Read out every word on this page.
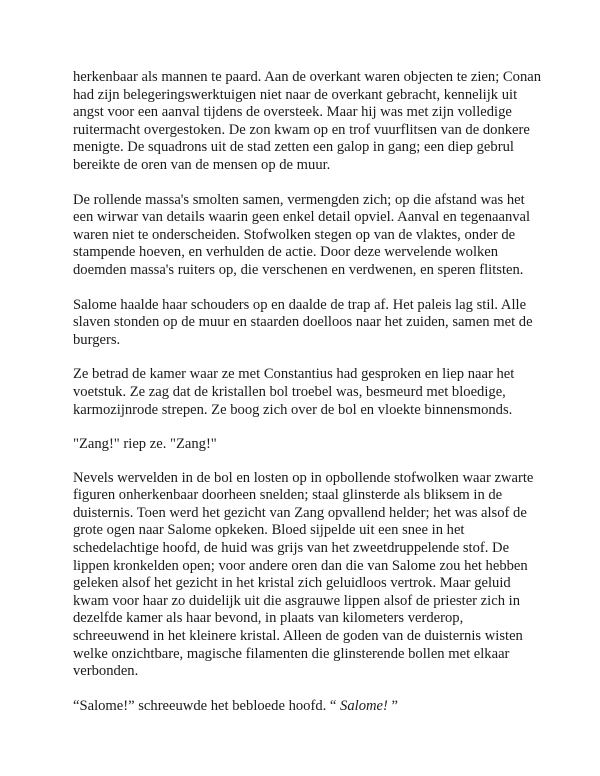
herkenbaar als mannen te paard. Aan de overkant waren objecten te zien; Conan had zijn belegeringswerktuigen niet naar de overkant gebracht, kennelijk uit angst voor een aanval tijdens de oversteek. Maar hij was met zijn volledige ruitermacht overgestoken. De zon kwam op en trof vuurflitsen van de donkere menigte. De squadrons uit de stad zetten een galop in gang; een diep gebrul bereikte de oren van de mensen op de muur.

De rollende massa's smolten samen, vermengden zich; op die afstand was het een wirwar van details waarin geen enkel detail opviel. Aanval en tegenaanval waren niet te onderscheiden. Stofwolken stegen op van de vlaktes, onder de stampende hoeven, en verhulden de actie. Door deze wervelende wolken doemden massa's ruiters op, die verschenen en verdwenen, en speren flitsten.

Salome haalde haar schouders op en daalde de trap af. Het paleis lag stil. Alle slaven stonden op de muur en staarden doelloos naar het zuiden, samen met de burgers.

Ze betrad de kamer waar ze met Constantius had gesproken en liep naar het voetstuk. Ze zag dat de kristallen bol troebel was, besmeurd met bloedige, karmozijnrode strepen. Ze boog zich over de bol en vloekte binnensmonds.

"Zang!" riep ze. "Zang!"

Nevels wervelden in de bol en losten op in opbollende stofwolken waar zwarte figuren onherkenbaar doorheen snelden; staal glinsterde als bliksem in de duisternis. Toen werd het gezicht van Zang opvallend helder; het was alsof de grote ogen naar Salome opkeken. Bloed sijpelde uit een snee in het schedelachtige hoofd, de huid was grijs van het zweetdruppelende stof. De lippen kronkelden open; voor andere oren dan die van Salome zou het hebben geleken alsof het gezicht in het kristal zich geluidloos vertrok. Maar geluid kwam voor haar zo duidelijk uit die asgrauwe lippen alsof de priester zich in dezelfde kamer als haar bevond, in plaats van kilometers verderop, schreeuwend in het kleinere kristal. Alleen de goden van de duisternis wisten welke onzichtbare, magische filamenten die glinsterende bollen met elkaar verbonden.

“Salome!” schreeuwde het bebloede hoofd. “ Salome! ”
